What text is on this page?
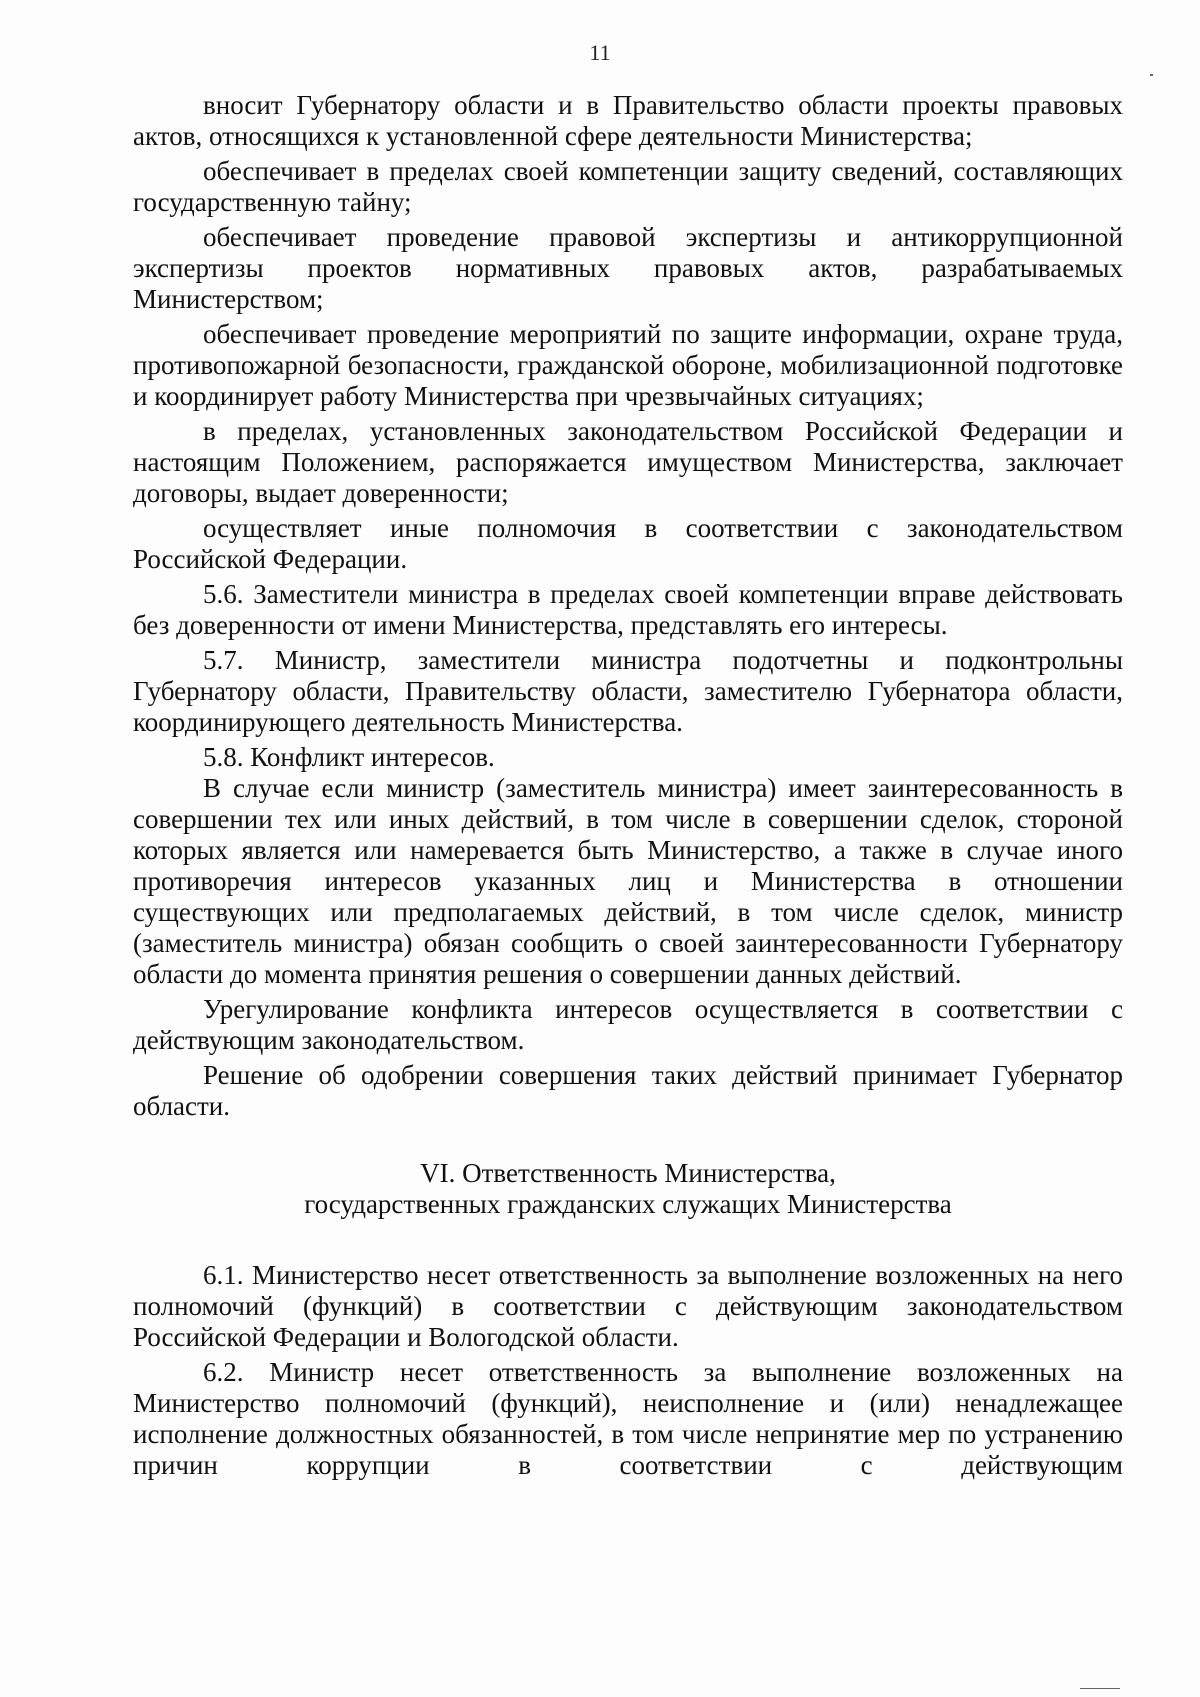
11

вносит Губернатору области и в Правительство области проекты правовых актов, относящихся к установленной сфере деятельности Министерства;

обеспечивает в пределах своей компетенции защиту сведений, составляющих государственную тайну;

обеспечивает проведение правовой экспертизы и антикоррупционной экспертизы проектов нормативных правовых актов, разрабатываемых Министерством;

обеспечивает проведение мероприятий по защите информации, охране труда, противопожарной безопасности, гражданской обороне, мобилизационной подготовке и координирует работу Министерства при чрезвычайных ситуациях;

в пределах, установленных законодательством Российской Федерации и настоящим Положением, распоряжается имуществом Министерства, заключает договоры, выдает доверенности;

осуществляет иные полномочия в соответствии с законодательством Российской Федерации.

5.6. Заместители министра в пределах своей компетенции вправе действовать без доверенности от имени Министерства, представлять его интересы.

5.7. Министр, заместители министра подотчетны и подконтрольны Губернатору области, Правительству области, заместителю Губернатора области, координирующего деятельность Министерства.

5.8. Конфликт интересов.

В случае если министр (заместитель министра) имеет заинтересованность в совершении тех или иных действий, в том числе в совершении сделок, стороной которых является или намеревается быть Министерство, а также в случае иного противоречия интересов указанных лиц и Министерства в отношении существующих или предполагаемых действий, в том числе сделок, министр (заместитель министра) обязан сообщить о своей заинтересованности Губернатору области до момента принятия решения о совершении данных действий.

Урегулирование конфликта интересов осуществляется в соответствии с действующим законодательством.

Решение об одобрении совершения таких действий принимает Губернатор области.

VI. Ответственность Министерства,
государственных гражданских служащих Министерства

6.1. Министерство несет ответственность за выполнение возложенных на него полномочий (функций) в соответствии с действующим законодательством Российской Федерации и Вологодской области.

6.2. Министр несет ответственность за выполнение возложенных на Министерство полномочий (функций), неисполнение и (или) ненадлежащее исполнение должностных обязанностей, в том числе непринятие мер по устранению причин коррупции в соответствии с действующим
